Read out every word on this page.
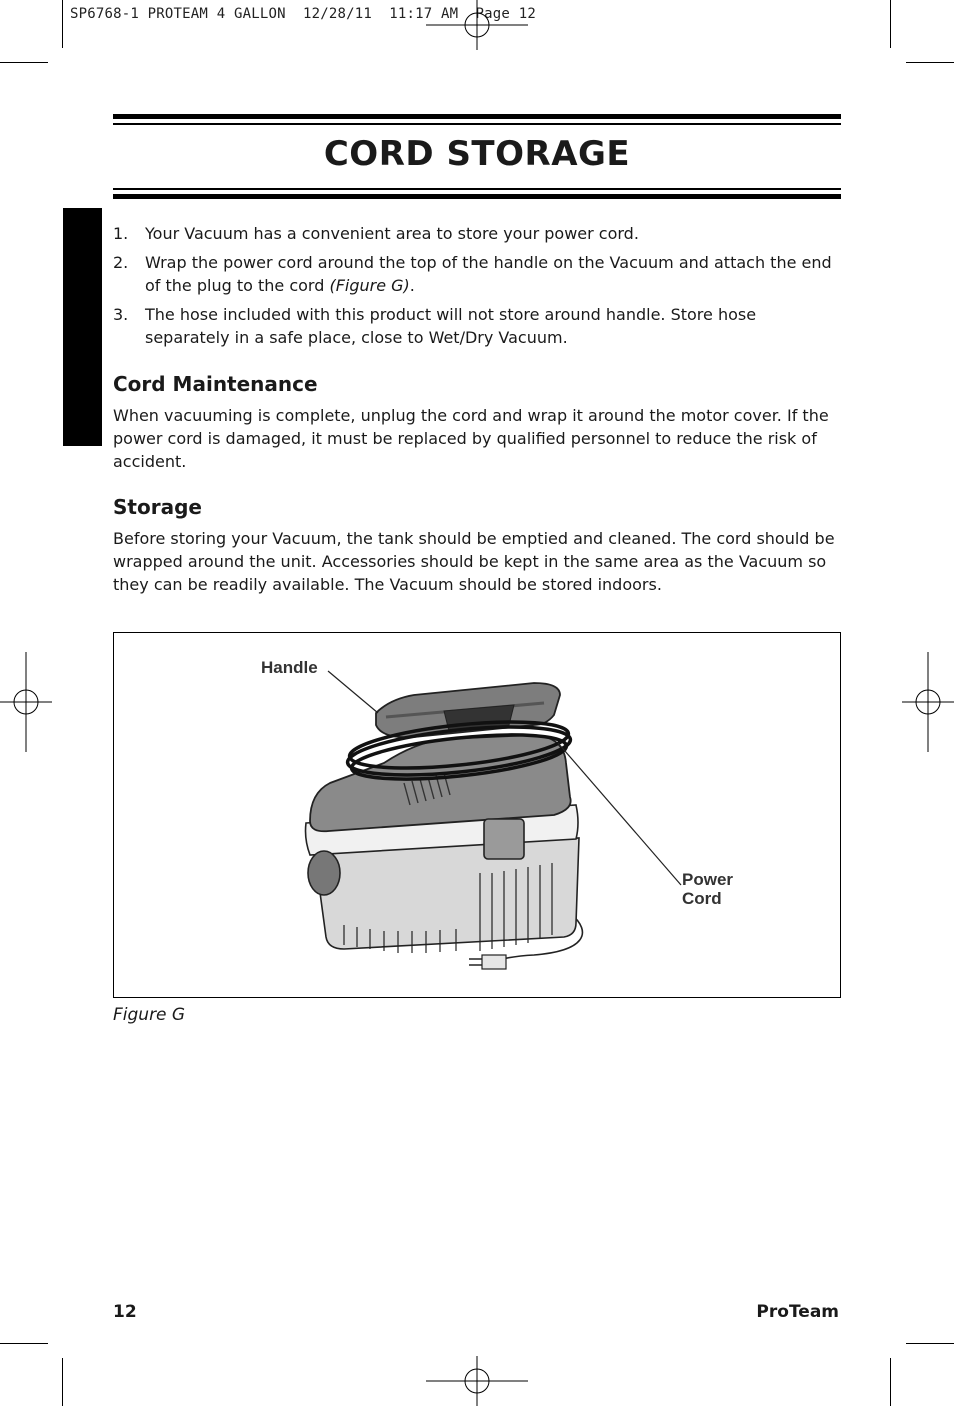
SP6768-1 PROTEAM 4 GALLON  12/28/11  11:17 AM  Page 12
CORD STORAGE
1. Your Vacuum has a convenient area to store your power cord.
2. Wrap the power cord around the top of the handle on the Vacuum and attach the end of the plug to the cord (Figure G).
3. The hose included with this product will not store around handle. Store hose separately in a safe place, close to Wet/Dry Vacuum.
Cord Maintenance

When vacuuming is complete, unplug the cord and wrap it around the motor cover. If the power cord is damaged, it must be replaced by qualified personnel to reduce the risk of accident.

Storage

Before storing your Vacuum, the tank should be emptied and cleaned. The cord should be wrapped around the unit. Accessories should be kept in the same area as the Vacuum so they can be readily available. The Vacuum should be stored indoors.

Handle
Power
Cord
Figure G
12	ProTeam
